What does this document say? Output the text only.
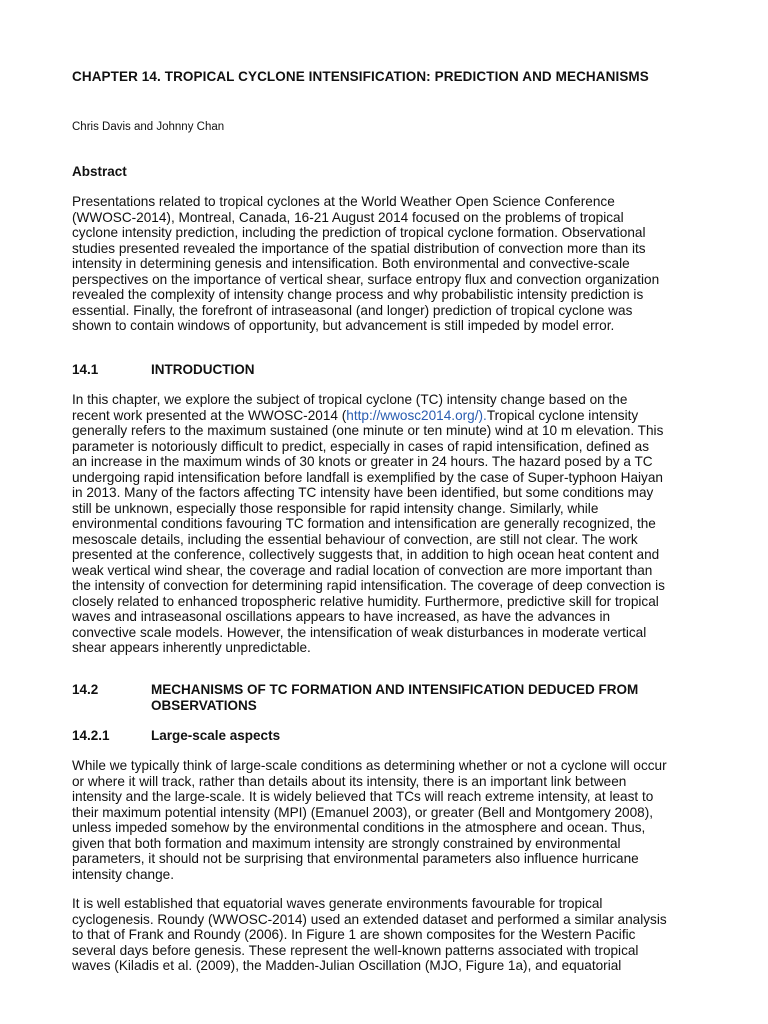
CHAPTER 14. TROPICAL CYCLONE INTENSIFICATION: PREDICTION AND MECHANISMS
Chris Davis and Johnny Chan
Abstract

Presentations related to tropical cyclones at the World Weather Open Science Conference
(WWOSC-2014), Montreal, Canada, 16-21 August 2014 focused on the problems of tropical
cyclone intensity prediction, including the prediction of tropical cyclone formation. Observational
studies presented revealed the importance of the spatial distribution of convection more than its
intensity in determining genesis and intensification. Both environmental and convective-scale
perspectives on the importance of vertical shear, surface entropy flux and convection organization
revealed the complexity of intensity change process and why probabilistic intensity prediction is
essential. Finally, the forefront of intraseasonal (and longer) prediction of tropical cyclone was
shown to contain windows of opportunity, but advancement is still impeded by model error.

14.1	INTRODUCTION

In this chapter, we explore the subject of tropical cyclone (TC) intensity change based on the
recent work presented at the WWOSC-2014 (http://wwosc2014.org/).Tropical cyclone intensity
generally refers to the maximum sustained (one minute or ten minute) wind at 10 m elevation. This
parameter is notoriously difficult to predict, especially in cases of rapid intensification, defined as
an increase in the maximum winds of 30 knots or greater in 24 hours. The hazard posed by a TC
undergoing rapid intensification before landfall is exemplified by the case of Super-typhoon Haiyan
in 2013. Many of the factors affecting TC intensity have been identified, but some conditions may
still be unknown, especially those responsible for rapid intensity change. Similarly, while
environmental conditions favouring TC formation and intensification are generally recognized, the
mesoscale details, including the essential behaviour of convection, are still not clear. The work
presented at the conference, collectively suggests that, in addition to high ocean heat content and
weak vertical wind shear, the coverage and radial location of convection are more important than
the intensity of convection for determining rapid intensification. The coverage of deep convection is
closely related to enhanced tropospheric relative humidity. Furthermore, predictive skill for tropical
waves and intraseasonal oscillations appears to have increased, as have the advances in
convective scale models. However, the intensification of weak disturbances in moderate vertical
shear appears inherently unpredictable.

14.2	MECHANISMS OF TC FORMATION AND INTENSIFICATION DEDUCED FROM
OBSERVATIONS
14.2.1	Large-scale aspects

While we typically think of large-scale conditions as determining whether or not a cyclone will occur
or where it will track, rather than details about its intensity, there is an important link between
intensity and the large-scale. It is widely believed that TCs will reach extreme intensity, at least to
their maximum potential intensity (MPI) (Emanuel 2003), or greater (Bell and Montgomery 2008),
unless impeded somehow by the environmental conditions in the atmosphere and ocean. Thus,
given that both formation and maximum intensity are strongly constrained by environmental
parameters, it should not be surprising that environmental parameters also influence hurricane
intensity change.

It is well established that equatorial waves generate environments favourable for tropical
cyclogenesis. Roundy (WWOSC-2014) used an extended dataset and performed a similar analysis
to that of Frank and Roundy (2006). In Figure 1 are shown composites for the Western Pacific
several days before genesis. These represent the well-known patterns associated with tropical
waves (Kiladis et al. (2009), the Madden-Julian Oscillation (MJO, Figure 1a), and equatorial
